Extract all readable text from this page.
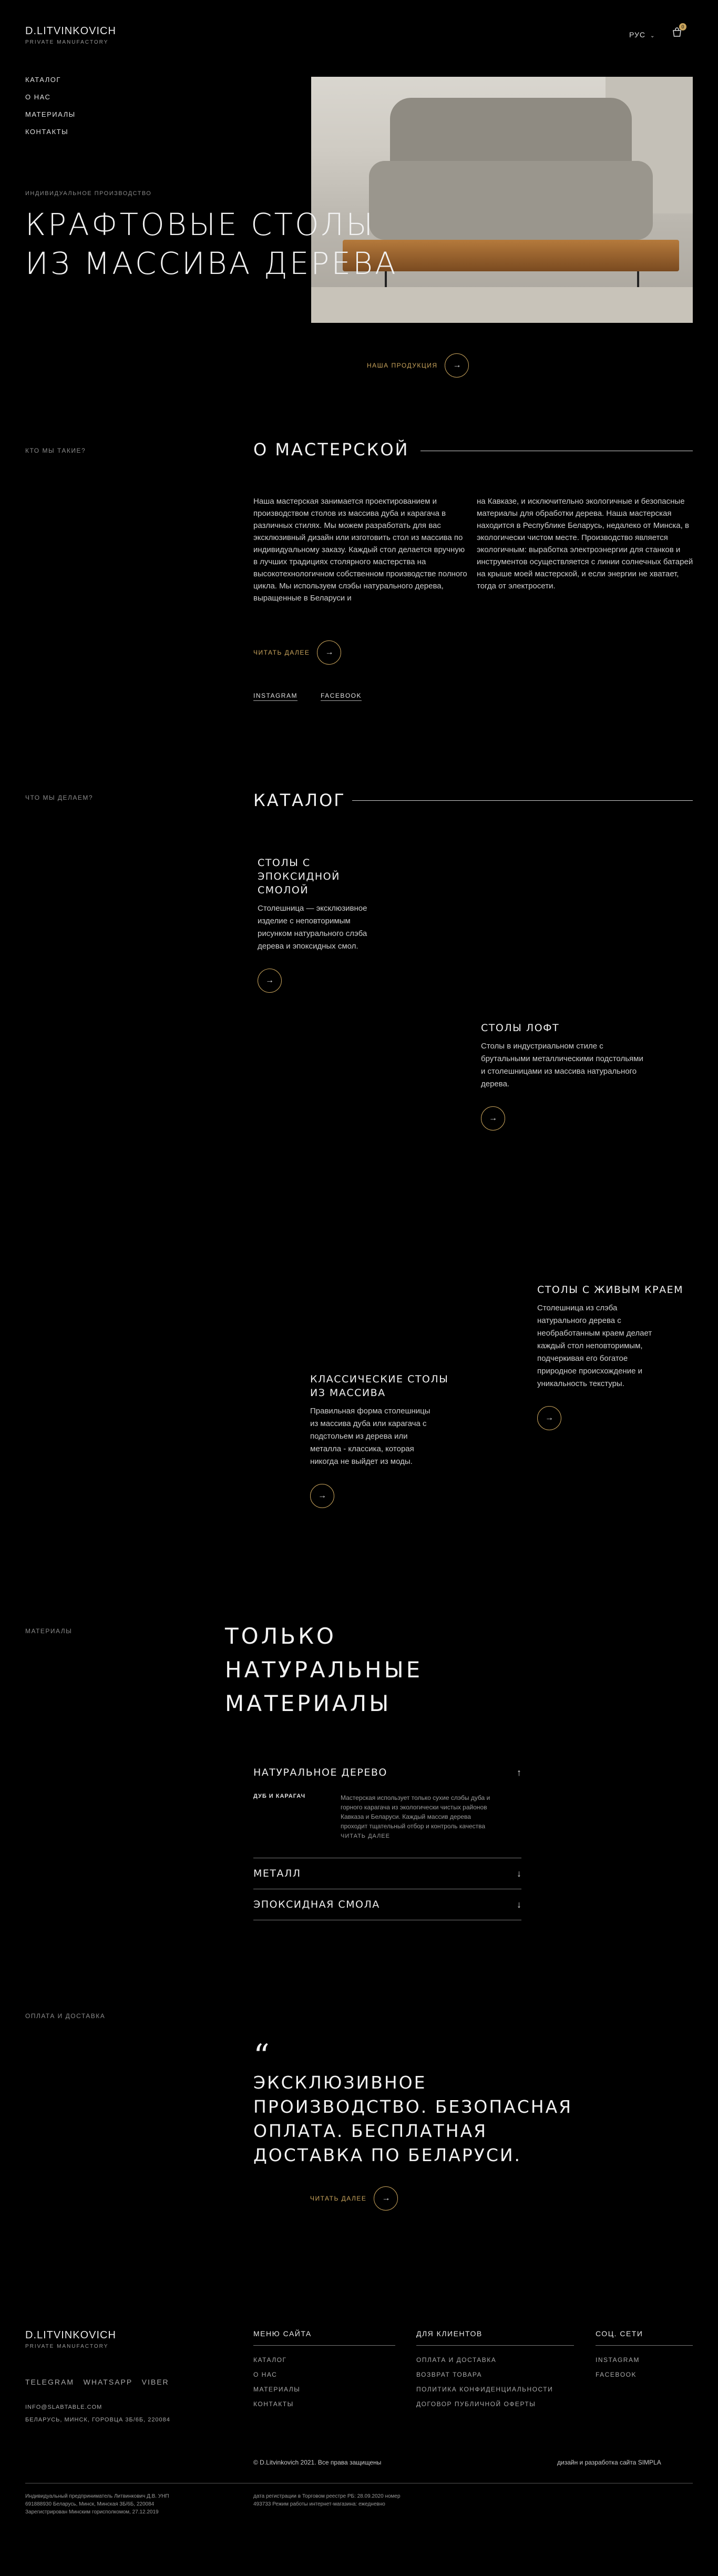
D.LITVINKOVICH
PRIVATE MANUFACTORY
РУС ⌄
0
КАТАЛОГ
О НАС
МАТЕРИАЛЫ
КОНТАКТЫ
ИНДИВИДУАЛЬНОЕ ПРОИЗВОДСТВО
КРАФТОВЫЕ СТОЛЫ
ИЗ МАССИВА ДЕРЕВА
НАША ПРОДУКЦИЯ	→
КТО МЫ ТАКИЕ?	О МАСТЕРСКОЙ
Наша мастерская занимается проектированием и производством столов из массива дуба и карагача в различных стилях. Мы можем разработать для вас эксклюзивный дизайн или изготовить стол из массива по индивидуальному заказу. Каждый стол делается вручную в лучших традициях столярного мастерства на высокотехнологичном собственном производстве полного цикла. Мы используем слэбы натурального дерева, выращенные в Беларуси и
на Кавказе, и исключительно экологичные и безопасные материалы для обработки дерева. Наша мастерская находится в Республике Беларусь, недалеко от Минска, в экологически чистом месте. Производство является экологичным: выработка электроэнергии для станков и инструментов осуществляется с линии солнечных батарей на крыше моей мастерской, и если энергии не хватает, тогда от электросети.
ЧИТАТЬ ДАЛЕЕ	→
INSTAGRAM	FACEBOOK
ЧТО МЫ ДЕЛАЕМ?	КАТАЛОГ
СТОЛЫ С ЭПОКСИДНОЙ СМОЛОЙ
Столешница — эксклюзивное изделие с неповторимым рисунком натурального слэба дерева и эпоксидных смол.
→
СТОЛЫ ЛОФТ
Столы в индустриальном стиле с брутальными металлическими подстольями и столешницами из массива натурального дерева.
→
СТОЛЫ С ЖИВЫМ КРАЕМ
Столешница из слэба натурального дерева с необработанным краем делает каждый стол неповторимым, подчеркивая его богатое природное происхождение и уникальность текстуры.
→
КЛАССИЧЕСКИЕ СТОЛЫ ИЗ МАССИВА
Правильная форма столешницы из массива дуба или карагача с подстольем из дерева или металла - классика, которая никогда не выйдет из моды.
→
МАТЕРИАЛЫ	ТОЛЬКО
НАТУРАЛЬНЫЕ
МАТЕРИАЛЫ
НАТУРАЛЬНОЕ ДЕРЕВО	↑
ДУБ И КАРАГАЧ	Мастерская использует только сухие слэбы дуба и горного карагача из экологически чистых районов Кавказа и Беларуси. Каждый массив дерева проходит тщательный отбор и контроль качества
ЧИТАТЬ ДАЛЕЕ
МЕТАЛЛ	↓
ЭПОКСИДНАЯ СМОЛА	↓
ОПЛАТА И ДОСТАВКА
“
ЭКСКЛЮЗИВНОЕ
ПРОИЗВОДСТВО. БЕЗОПАСНАЯ
ОПЛАТА. БЕСПЛАТНАЯ
ДОСТАВКА ПО БЕЛАРУСИ.
ЧИТАТЬ ДАЛЕЕ	→
D.LITVINKOVICH
PRIVATE MANUFACTORY
TELEGRAM   WHATSAPP   VIBER
INFO@SLABTABLE.COM
БЕЛАРУСЬ, МИНСК, ГОРОВЦА 3Б/6Б, 220084
МЕНЮ САЙТА
КАТАЛОГ
О НАС
МАТЕРИАЛЫ
КОНТАКТЫ
ДЛЯ КЛИЕНТОВ
ОПЛАТА И ДОСТАВКА
ВОЗВРАТ ТОВАРА
ПОЛИТИКА КОНФИДЕНЦИАЛЬНОСТИ
ДОГОВОР ПУБЛИЧНОЙ ОФЕРТЫ
СОЦ. СЕТИ
INSTAGRAM
FACEBOOK
© D.Litvinkovich 2021. Все права защищены	дизайн и разработка сайта SIMPLA
Индивидуальный предприниматель Литвинкович Д.В. УНП 691888930 Беларусь, Минск, Минская 3Б/6Б, 220084 Зарегистрирован Минским горисполкомом, 27.12.2019
дата регистрации в Торговом реестре РБ: 28.09.2020 номер 493733 Режим работы интернет-магазина: ежедневно
